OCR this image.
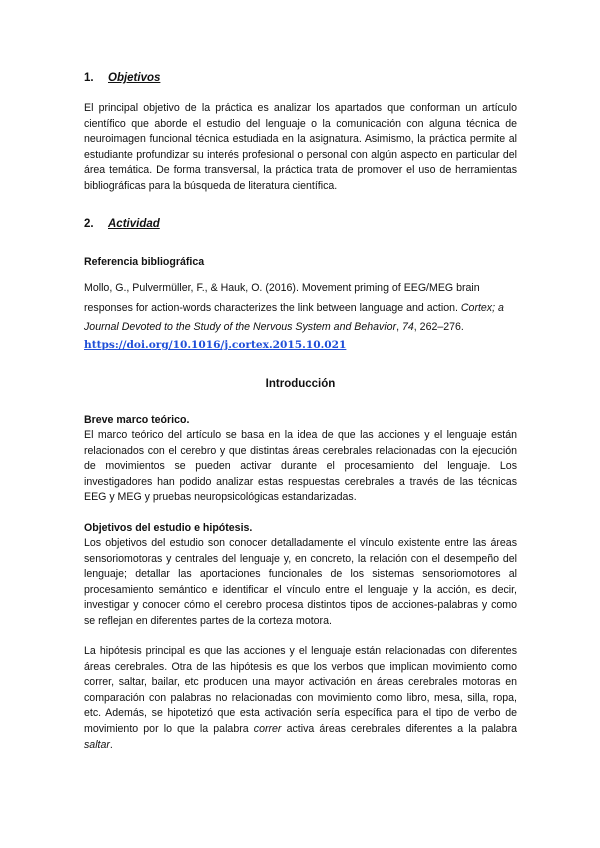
1. Objetivos
El principal objetivo de la práctica es analizar los apartados que conforman un artículo científico que aborde el estudio del lenguaje o la comunicación con alguna técnica de neuroimagen funcional técnica estudiada en la asignatura. Asimismo, la práctica permite al estudiante profundizar su interés profesional o personal con algún aspecto en particular del área temática. De forma transversal, la práctica trata de promover el uso de herramientas bibliográficas para la búsqueda de literatura científica.
2. Actividad
Referencia bibliográfica
Mollo, G., Pulvermüller, F., & Hauk, O. (2016). Movement priming of EEG/MEG brain responses for action-words characterizes the link between language and action. Cortex; a Journal Devoted to the Study of the Nervous System and Behavior, 74, 262–276.
https://doi.org/10.1016/j.cortex.2015.10.021
Introducción
Breve marco teórico.
El marco teórico del artículo se basa en la idea de que las acciones y el lenguaje están relacionados con el cerebro y que distintas áreas cerebrales relacionadas con la ejecución de movimientos se pueden activar durante el procesamiento del lenguaje. Los investigadores han podido analizar estas respuestas cerebrales a través de las técnicas EEG y MEG y pruebas neuropsicológicas estandarizadas.
Objetivos del estudio e hipótesis.
Los objetivos del estudio son conocer detalladamente el vínculo existente entre las áreas sensoriomotoras y centrales del lenguaje y, en concreto, la relación con el desempeño del lenguaje; detallar las aportaciones funcionales de los sistemas sensoriomotores al procesamiento semántico e identificar el vínculo entre el lenguaje y la acción, es decir, investigar y conocer cómo el cerebro procesa distintos tipos de acciones-palabras y como se reflejan en diferentes partes de la corteza motora.
La hipótesis principal es que las acciones y el lenguaje están relacionadas con diferentes áreas cerebrales. Otra de las hipótesis es que los verbos que implican movimiento como correr, saltar, bailar, etc producen una mayor activación en áreas cerebrales motoras en comparación con palabras no relacionadas con movimiento como libro, mesa, silla, ropa, etc. Además, se hipotetizó que esta activación sería específica para el tipo de verbo de movimiento por lo que la palabra correr activa áreas cerebrales diferentes a la palabra saltar.
